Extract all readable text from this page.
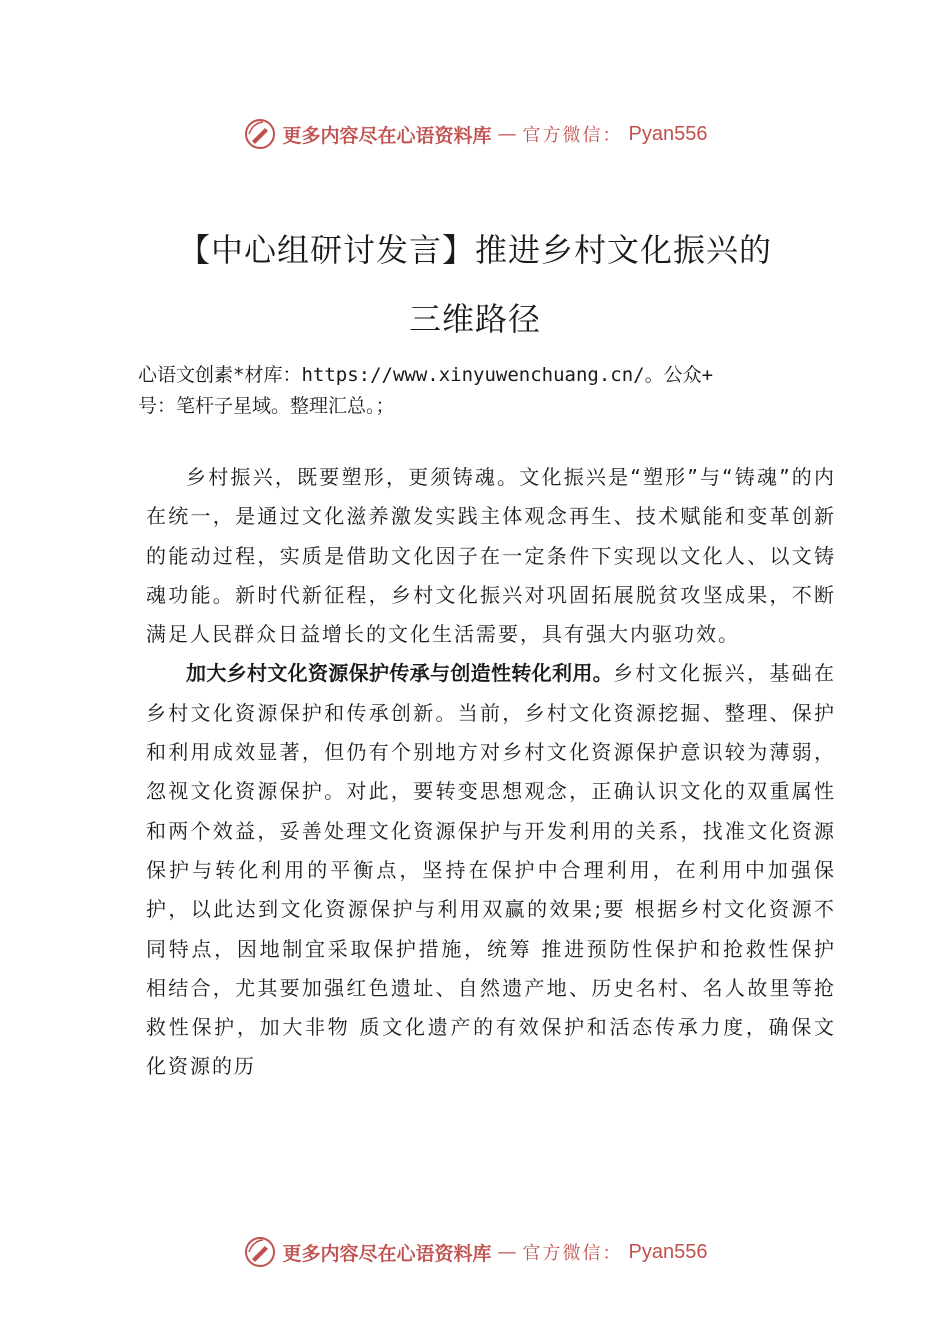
更多内容尽在心语资料库 — 官方微信： Pyan556
【中心组研讨发言】推进乡村文化振兴的
三维路径
心语文创素*材库：https://www.xinyuwenchuang.cn/。公众+
号：笔杆子星域。整理汇总。；

乡村振兴，既要塑形，更须铸魂。文化振兴是“塑形”与“铸魂”的内在统一，是通过文化滋养激发实践主体观念再生、技术赋能和变革创新的能动过程，实质是借助文化因子在一定条件下实现以文化人、以文铸魂功能。新时代新征程，乡村文化振兴对巩固拓展脱贫攻坚成果，不断满足人民群众日益增长的文化生活需要，具有强大内驱功效。

加大乡村文化资源保护传承与创造性转化利用。乡村文化振兴，基础在乡村文化资源保护和传承创新。当前，乡村文化资源挖掘、整理、保护和利用成效显著，但仍有个别地方对乡村文化资源保护意识较为薄弱，忽视文化资源保护。对此，要转变思想观念，正确认识文化的双重属性和两个效益，妥善处理文化资源保护与开发利用的关系，找准文化资源保护与转化利用的平衡点，坚持在保护中合理利用，在利用中加强保护，以此达到文化资源保护与利用双赢的效果;要 根据乡村文化资源不同特点，因地制宜采取保护措施，统筹 推进预防性保护和抢救性保护相结合，尤其要加强红色遗址、自然遗产地、历史名村、名人故里等抢救性保护，加大非物 质文化遗产的有效保护和活态传承力度，确保文化资源的历

更多内容尽在心语资料库 — 官方微信： Pyan556
